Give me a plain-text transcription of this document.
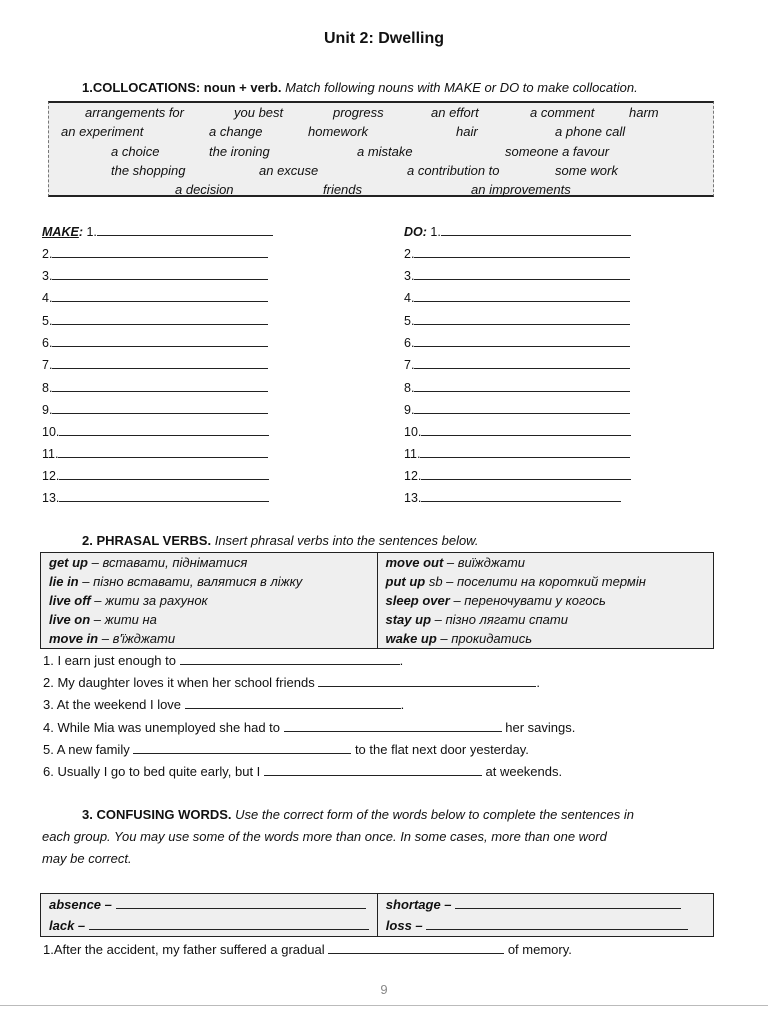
Unit 2: Dwelling
1.COLLOCATIONS: noun + verb. Match following nouns with MAKE or DO to make collocation.
arrangements for	you best	progress	an effort	a comment	harm
an experiment	a change	homework	hair	a phone call
a choice	the ironing	a mistake	someone a favour
the shopping	an excuse	a contribution to	some work
a decision	friends	an improvements
MAKE: 1.
2.
3.
4.
5.
6.
7.
8.
9.
10.
11.
12.
13.
DO: 1.
2.
3.
4.
5.
6.
7.
8.
9.
10.
11.
12.
13.
2. PHRASAL VERBS. Insert phrasal verbs into the sentences below.
get up – вставати, підніматися	move out – виїжджати
lie in – пізно вставати, валятися в ліжку	put up sb – поселити на короткий термін
live off – жити за рахунок	sleep over – переночувати у когось
live on – жити на	stay up – пізно лягати спати
move in – в'їжджати	wake up – прокидатись
1. I earn just enough to	.
2. My daughter loves it when her school friends	.
3. At the weekend I love	.
4. While Mia was unemployed she had to	her savings.
5. A new family	to the flat next door yesterday.
6. Usually I go to bed quite early, but I	at weekends.
3. CONFUSING WORDS. Use the correct form of the words below to complete the sentences in
each group. You may use some of the words more than once. In some cases, more than one word
may be correct.
absence –	shortage –
lack –	loss –
1.After the accident, my father suffered a gradual	of memory.
9
